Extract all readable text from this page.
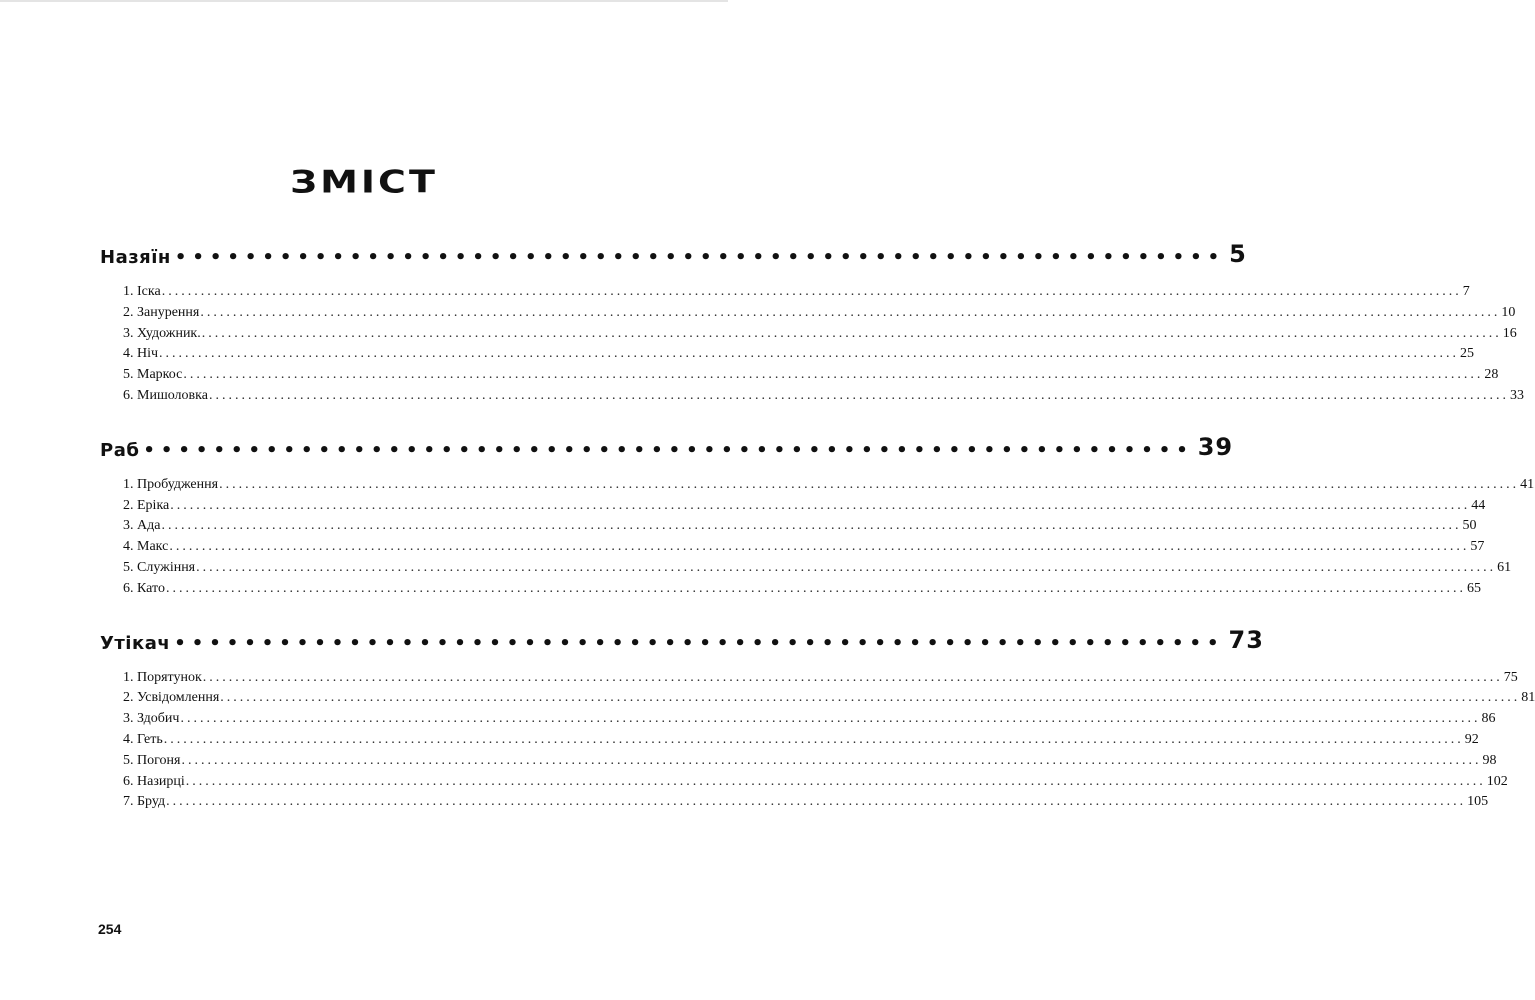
ЗМІСТ
Назяїн •••••••••••••••••••••••••••••••••••••••••••••••••••••••••••• 5
1. Іска ........................................................................................................................................................................................................ 7
2. Занурення ........................................................................................................................................................................................................ 10
3. Художник. ........................................................................................................................................................................................................ 16
4. Ніч ........................................................................................................................................................................................................ 25
5. Маркос ........................................................................................................................................................................................................ 28
6. Мишоловка ........................................................................................................................................................................................................ 33
Раб •••••••••••••••••••••••••••••••••••••••••••••••••••••••••••• 39
1. Пробудження ........................................................................................................................................................................................................ 41
2. Еріка ........................................................................................................................................................................................................ 44
3. Ада ........................................................................................................................................................................................................ 50
4. Макс ........................................................................................................................................................................................................ 57
5. Служіння ........................................................................................................................................................................................................ 61
6. Като ........................................................................................................................................................................................................ 65
Утікач •••••••••••••••••••••••••••••••••••••••••••••••••••••••••••• 73
1. Порятунок ........................................................................................................................................................................................................ 75
2. Усвідомлення ........................................................................................................................................................................................................ 81
3. Здобич ........................................................................................................................................................................................................ 86
4. Геть ........................................................................................................................................................................................................ 92
5. Погоня ........................................................................................................................................................................................................ 98
6. Назирці ........................................................................................................................................................................................................ 102
7. Бруд ........................................................................................................................................................................................................ 105
254
